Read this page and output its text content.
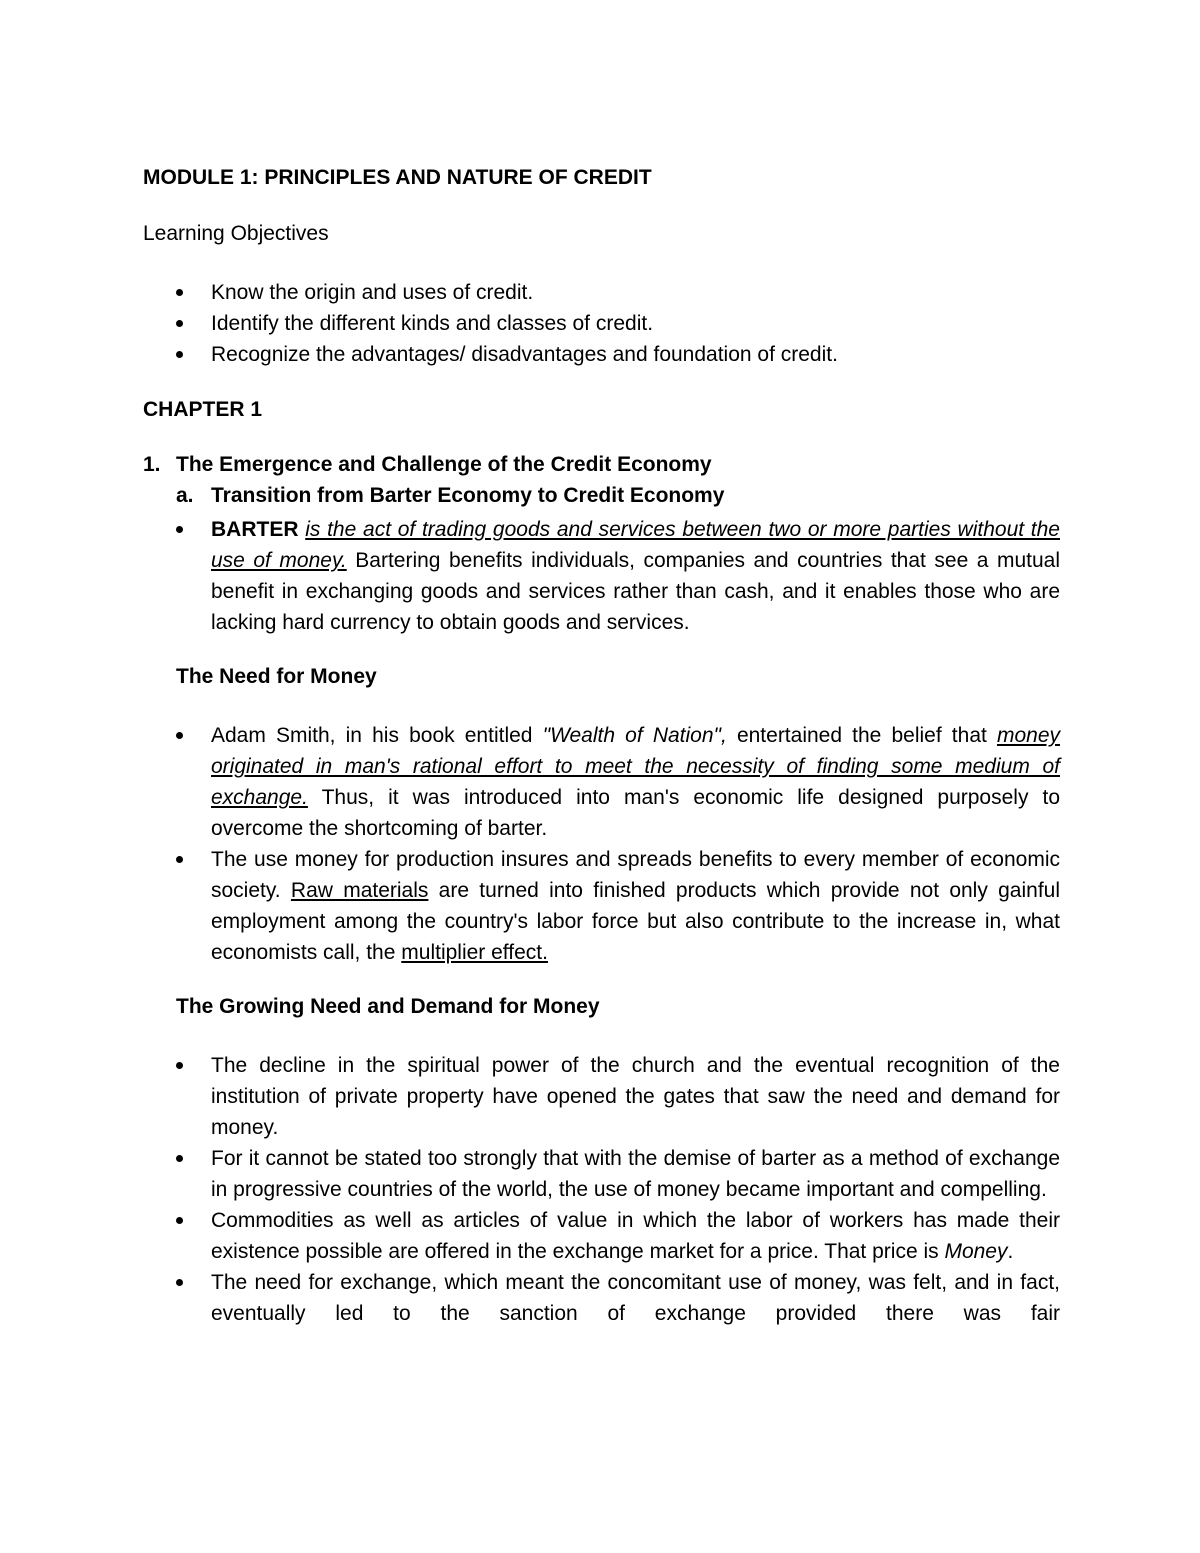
MODULE 1: PRINCIPLES AND NATURE OF CREDIT
Learning Objectives
Know the origin and uses of credit.
Identify the different kinds and classes of credit.
Recognize the advantages/ disadvantages and foundation of credit.
CHAPTER 1
1. The Emergence and Challenge of the Credit Economy
a. Transition from Barter Economy to Credit Economy
BARTER is the act of trading goods and services between two or more parties without the use of money. Bartering benefits individuals, companies and countries that see a mutual benefit in exchanging goods and services rather than cash, and it enables those who are lacking hard currency to obtain goods and services.
The Need for Money
Adam Smith, in his book entitled "Wealth of Nation", entertained the belief that money originated in man's rational effort to meet the necessity of finding some medium of exchange. Thus, it was introduced into man's economic life designed purposely to overcome the shortcoming of barter.
The use money for production insures and spreads benefits to every member of economic society. Raw materials are turned into finished products which provide not only gainful employment among the country's labor force but also contribute to the increase in, what economists call, the multiplier effect.
The Growing Need and Demand for Money
The decline in the spiritual power of the church and the eventual recognition of the institution of private property have opened the gates that saw the need and demand for money.
For it cannot be stated too strongly that with the demise of barter as a method of exchange in progressive countries of the world, the use of money became important and compelling.
Commodities as well as articles of value in which the labor of workers has made their existence possible are offered in the exchange market for a price. That price is Money.
The need for exchange, which meant the concomitant use of money, was felt, and in fact, eventually led to the sanction of exchange provided there was fair
